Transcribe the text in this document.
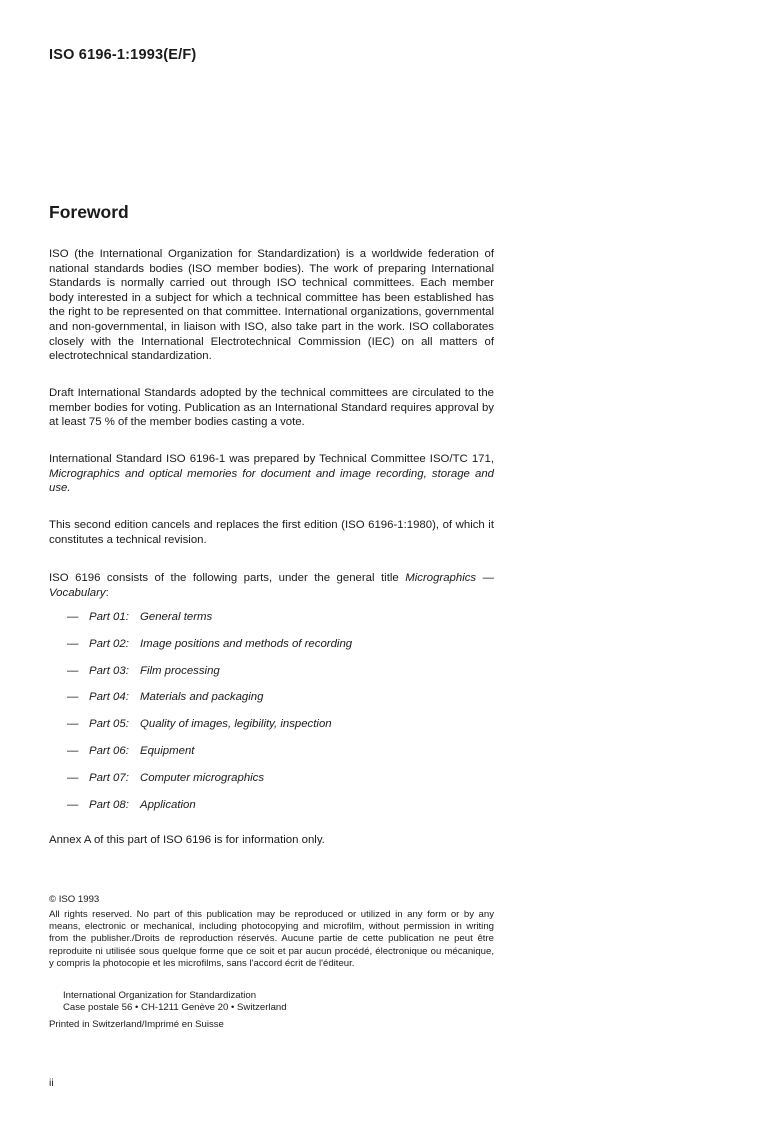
ISO 6196-1:1993(E/F)
Foreword

ISO (the International Organization for Standardization) is a worldwide federation of national standards bodies (ISO member bodies). The work of preparing International Standards is normally carried out through ISO technical committees. Each member body interested in a subject for which a technical committee has been established has the right to be represented on that committee. International organizations, governmental and non-governmental, in liaison with ISO, also take part in the work. ISO collaborates closely with the International Electrotechnical Commission (IEC) on all matters of electrotechnical standardization.

Draft International Standards adopted by the technical committees are circulated to the member bodies for voting. Publication as an International Standard requires approval by at least 75 % of the member bodies casting a vote.

International Standard ISO 6196-1 was prepared by Technical Committee ISO/TC 171, Micrographics and optical memories for document and image recording, storage and use.

This second edition cancels and replaces the first edition (ISO 6196-1:1980), of which it constitutes a technical revision.

ISO 6196 consists of the following parts, under the general title Micrographics — Vocabulary:

— Part 01: General terms
— Part 02: Image positions and methods of recording
— Part 03: Film processing
— Part 04: Materials and packaging
— Part 05: Quality of images, legibility, inspection
— Part 06: Equipment
— Part 07: Computer micrographics
— Part 08: Application

Annex A of this part of ISO 6196 is for information only.

© ISO 1993

All rights reserved. No part of this publication may be reproduced or utilized in any form or by any means, electronic or mechanical, including photocopying and microfilm, without permission in writing from the publisher./Droits de reproduction réservés. Aucune partie de cette publication ne peut être reproduite ni utilisée sous quelque forme que ce soit et par aucun procédé, électronique ou mécanique, y compris la photocopie et les microfilms, sans l'accord écrit de l'éditeur.

International Organization for Standardization
Case postale 56 • CH-1211 Genève 20 • Switzerland
Printed in Switzerland/Imprimé en Suisse
ii
